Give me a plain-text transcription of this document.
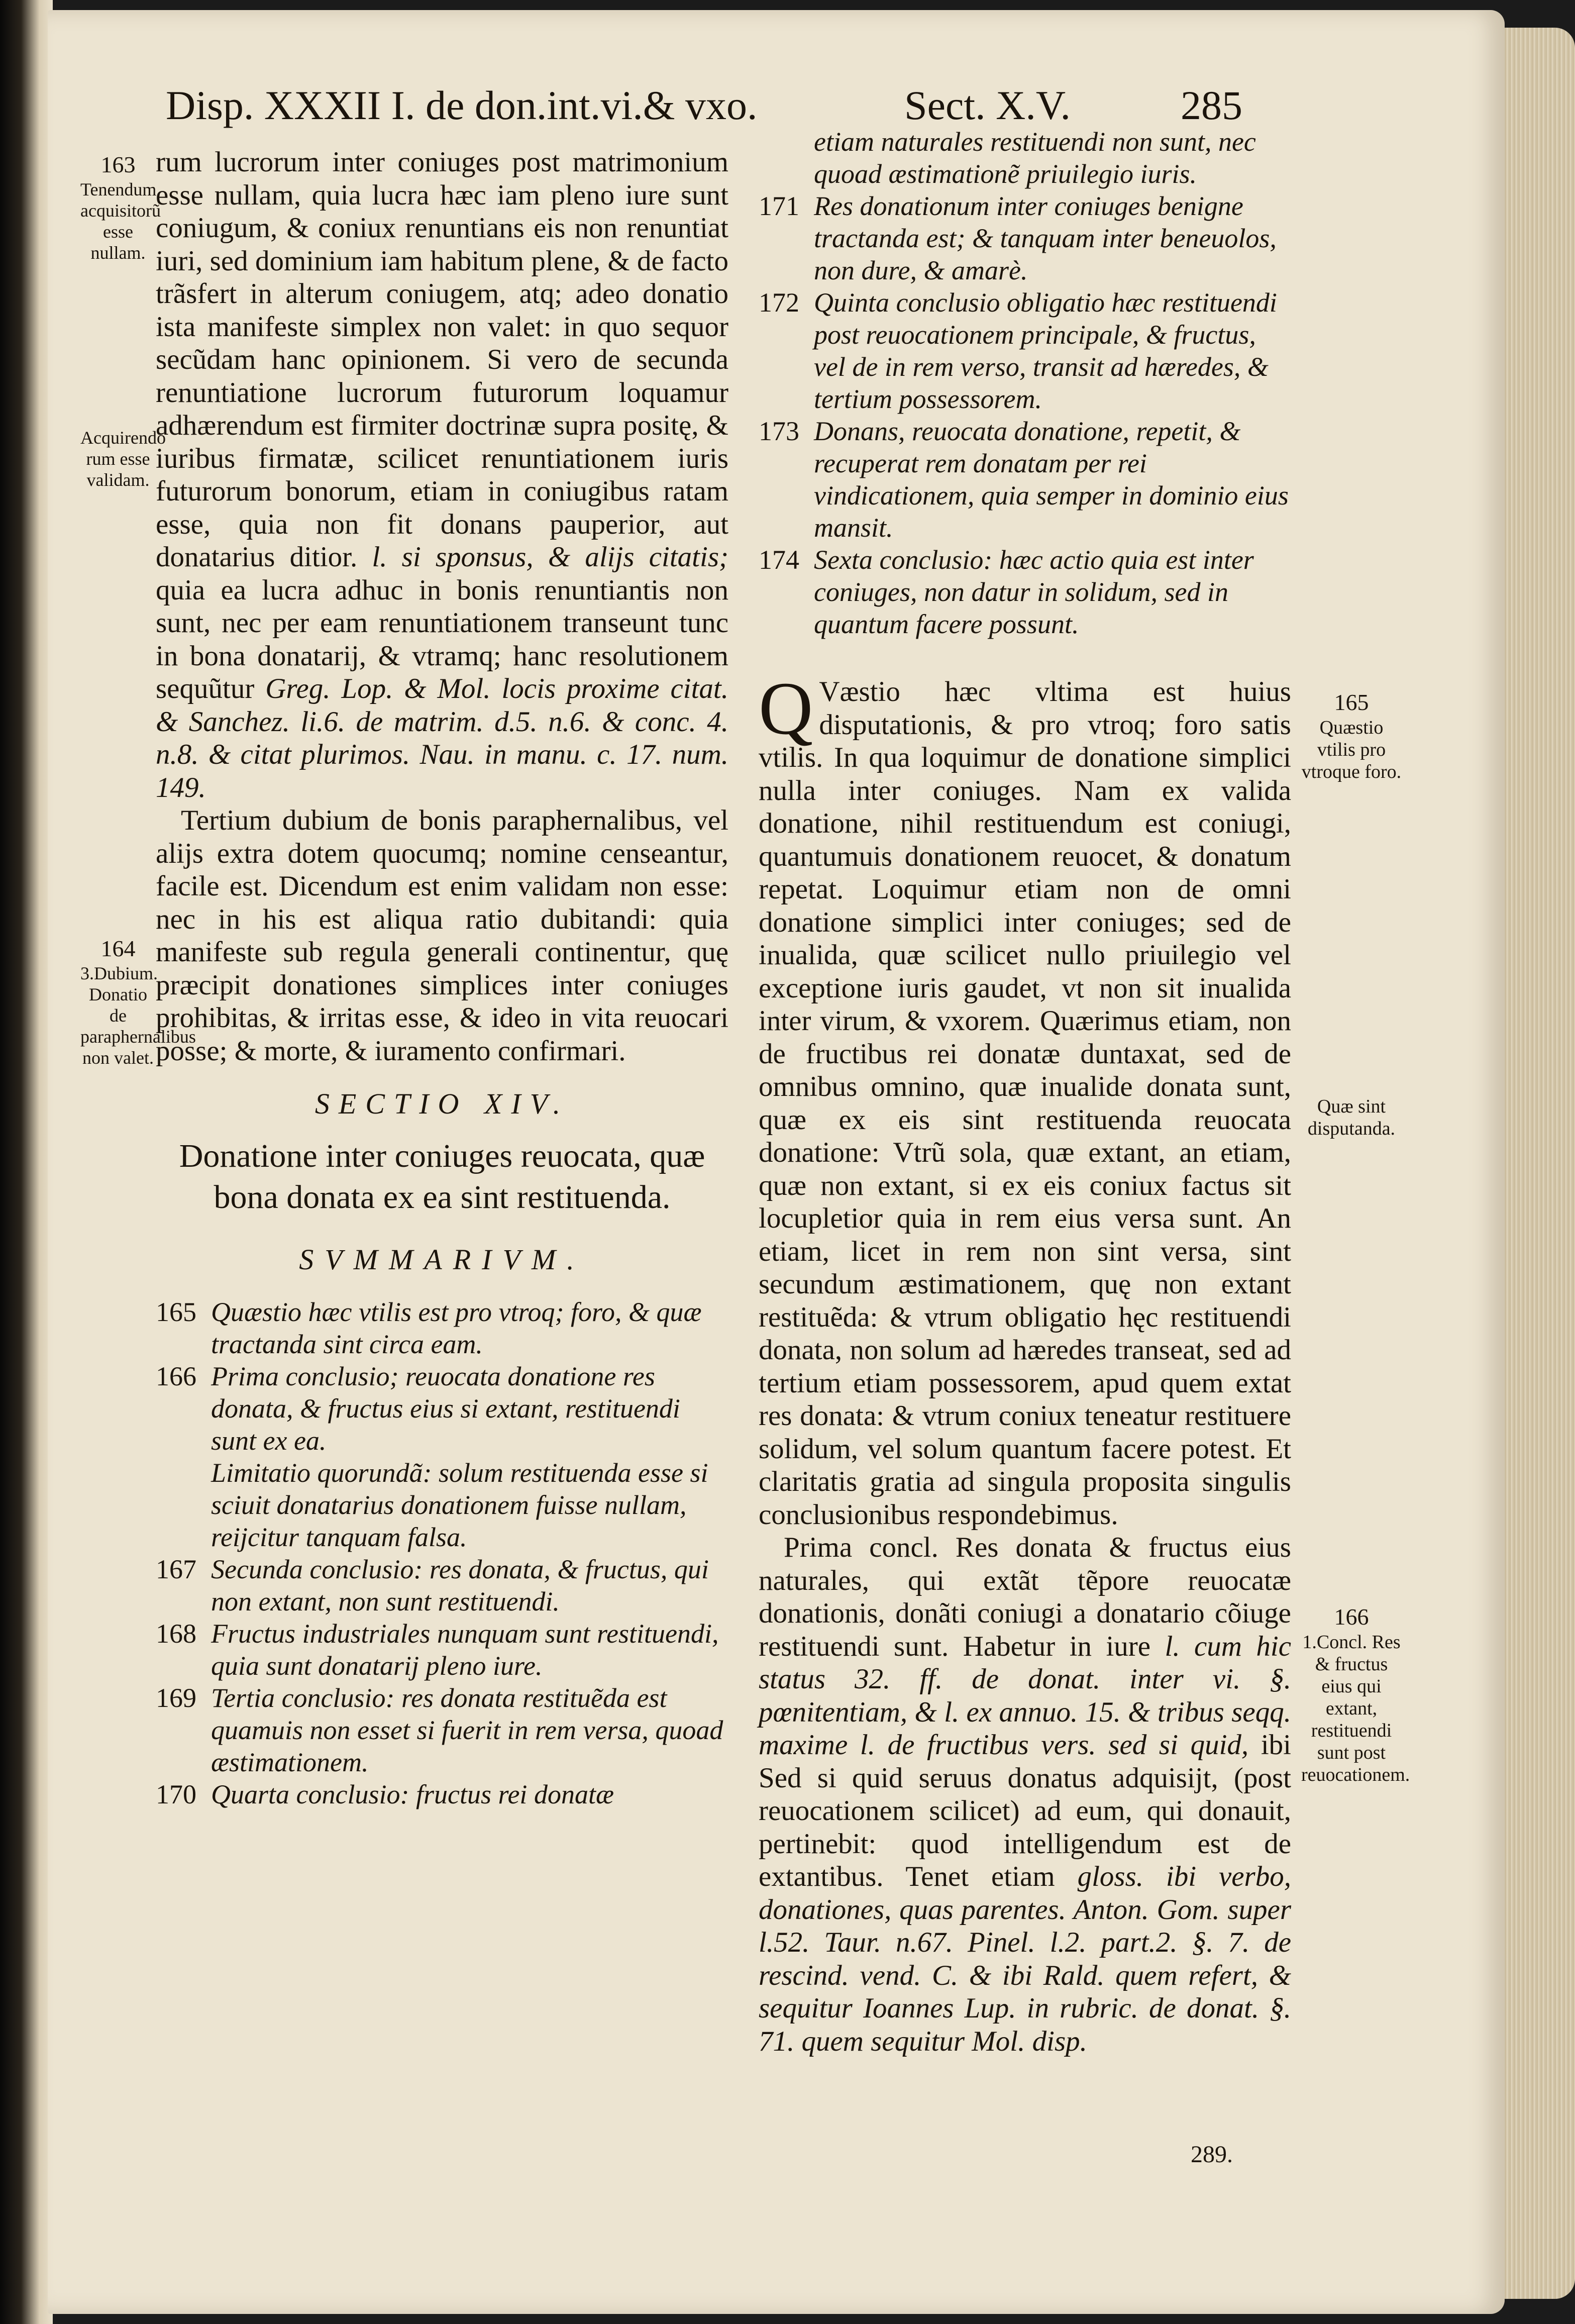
Disp. XXXII I. de don.int.vi.& vxo.	Sect. X.V.	285
163
Tenendum acquisitorũ esse nullam.
Acquirendo rum esse validam.
164
3.Dubium. Donatio de paraphernalibus non valet.
165
Quæstio vtilis pro vtroque foro.
Quæ sint disputanda.
166
1.Concl. Res & fructus eius qui extant, restituendi sunt post reuocationem.

rum lucrorum inter coniuges post matrimonium esse nullam, quia lucra hæc iam pleno iure sunt coniugum, & coniux renuntians eis non renuntiat iuri, sed dominium iam habitum plene, & de facto trãsfert in alterum coniugem, atq; adeo donatio ista manifeste simplex non valet: in quo sequor secũdam hanc opinionem. Si vero de secunda renuntiatione lucrorum futurorum loquamur adhærendum est firmiter doctrinæ supra positę, & iuribus firmatæ, scilicet renuntiationem iuris futurorum bonorum, etiam in coniugibus ratam esse, quia non fit donans pauperior, aut donatarius ditior. l. si sponsus, & alijs citatis; quia ea lucra adhuc in bonis renuntiantis non sunt, nec per eam renuntiationem transeunt tunc in bona donatarij, & vtramq; hanc resolutionem sequũtur Greg. Lop. & Mol. locis proxime citat. & Sanchez. li.6. de matrim. d.5. n.6. & conc. 4. n.8. & citat plurimos. Nau. in manu. c. 17. num. 149.

Tertium dubium de bonis paraphernalibus, vel alijs extra dotem quocumq; nomine censeantur, facile est. Dicendum est enim validam non esse: nec in his est aliqua ratio dubitandi: quia manifeste sub regula generali continentur, quę præcipit donationes simplices inter coniuges prohibitas, & irritas esse, & ideo in vita reuocari posse; & morte, & iuramento confirmari.

SECTIO XIV.
Donatione inter coniuges reuocata, quæ bona donata ex ea sint restituenda.
SVMMARIVM.
165 Quæstio hæc vtilis est pro vtroq; foro, & quæ tractanda sint circa eam.
166 Prima conclusio; reuocata donatione res donata, & fructus eius si extant, restituendi sunt ex ea.
Limitatio quorundã: solum restituenda esse si sciuit donatarius donationem fuisse nullam, reijcitur tanquam falsa.
167 Secunda conclusio: res donata, & fructus, qui non extant, non sunt restituendi.
168 Fructus industriales nunquam sunt restituendi, quia sunt donatarij pleno iure.
169 Tertia conclusio: res donata restituẽda est quamuis non esset si fuerit in rem versa, quoad æstimationem.
170 Quarta conclusio: fructus rei donatæ
etiam naturales restituendi non sunt, nec quoad æstimationẽ priuilegio iuris.
171 Res donationum inter coniuges benigne tractanda est; & tanquam inter beneuolos, non dure, & amarè.
172 Quinta conclusio obligatio hæc restituendi post reuocationem principale, & fructus, vel de in rem verso, transit ad hæredes, & tertium possessorem.
173 Donans, reuocata donatione, repetit, & recuperat rem donatam per rei vindicationem, quia semper in dominio eius mansit.
174 Sexta conclusio: hæc actio quia est inter coniuges, non datur in solidum, sed in quantum facere possunt.

Q Væstio hæc vltima est huius disputationis, & pro vtroq; foro satis vtilis. In qua loquimur de donatione simplici nulla inter coniuges. Nam ex valida donatione, nihil restituendum est coniugi, quantumuis donationem reuocet, & donatum repetat. Loquimur etiam non de omni donatione simplici inter coniuges; sed de inualida, quæ scilicet nullo priuilegio vel exceptione iuris gaudet, vt non sit inualida inter virum, & vxorem. Quærimus etiam, non de fructibus rei donatæ duntaxat, sed de omnibus omnino, quæ inualide donata sunt, quæ ex eis sint restituenda reuocata donatione: Vtrũ sola, quæ extant, an etiam, quæ non extant, si ex eis coniux factus sit locupletior quia in rem eius versa sunt. An etiam, licet in rem non sint versa, sint secundum æstimationem, quę non extant restituẽda: & vtrum obligatio hęc restituendi donata, non solum ad hæredes transeat, sed ad tertium etiam possessorem, apud quem extat res donata: & vtrum coniux teneatur restituere solidum, vel solum quantum facere potest. Et claritatis gratia ad singula proposita singulis conclusionibus respondebimus.

Prima concl. Res donata & fructus eius naturales, qui extãt tẽpore reuocatæ donationis, donãti coniugi a donatario cõiuge restituendi sunt. Habetur in iure l. cum hic status 32. ff. de donat. inter vi. §. pœnitentiam, & l. ex annuo. 15. & tribus seqq. maxime l. de fructibus vers. sed si quid, ibi Sed si quid seruus donatus adquisijt, (post reuocationem scilicet) ad eum, qui donauit, pertinebit: quod intelligendum est de extantibus. Tenet etiam gloss. ibi verbo, donationes, quas parentes. Anton. Gom. super l.52. Taur. n.67. Pinel. l.2. part.2. §. 7. de rescind. vend. C. & ibi Rald. quem refert, & sequitur Ioannes Lup. in rubric. de donat. §. 71. quem sequitur Mol. disp.

289.
